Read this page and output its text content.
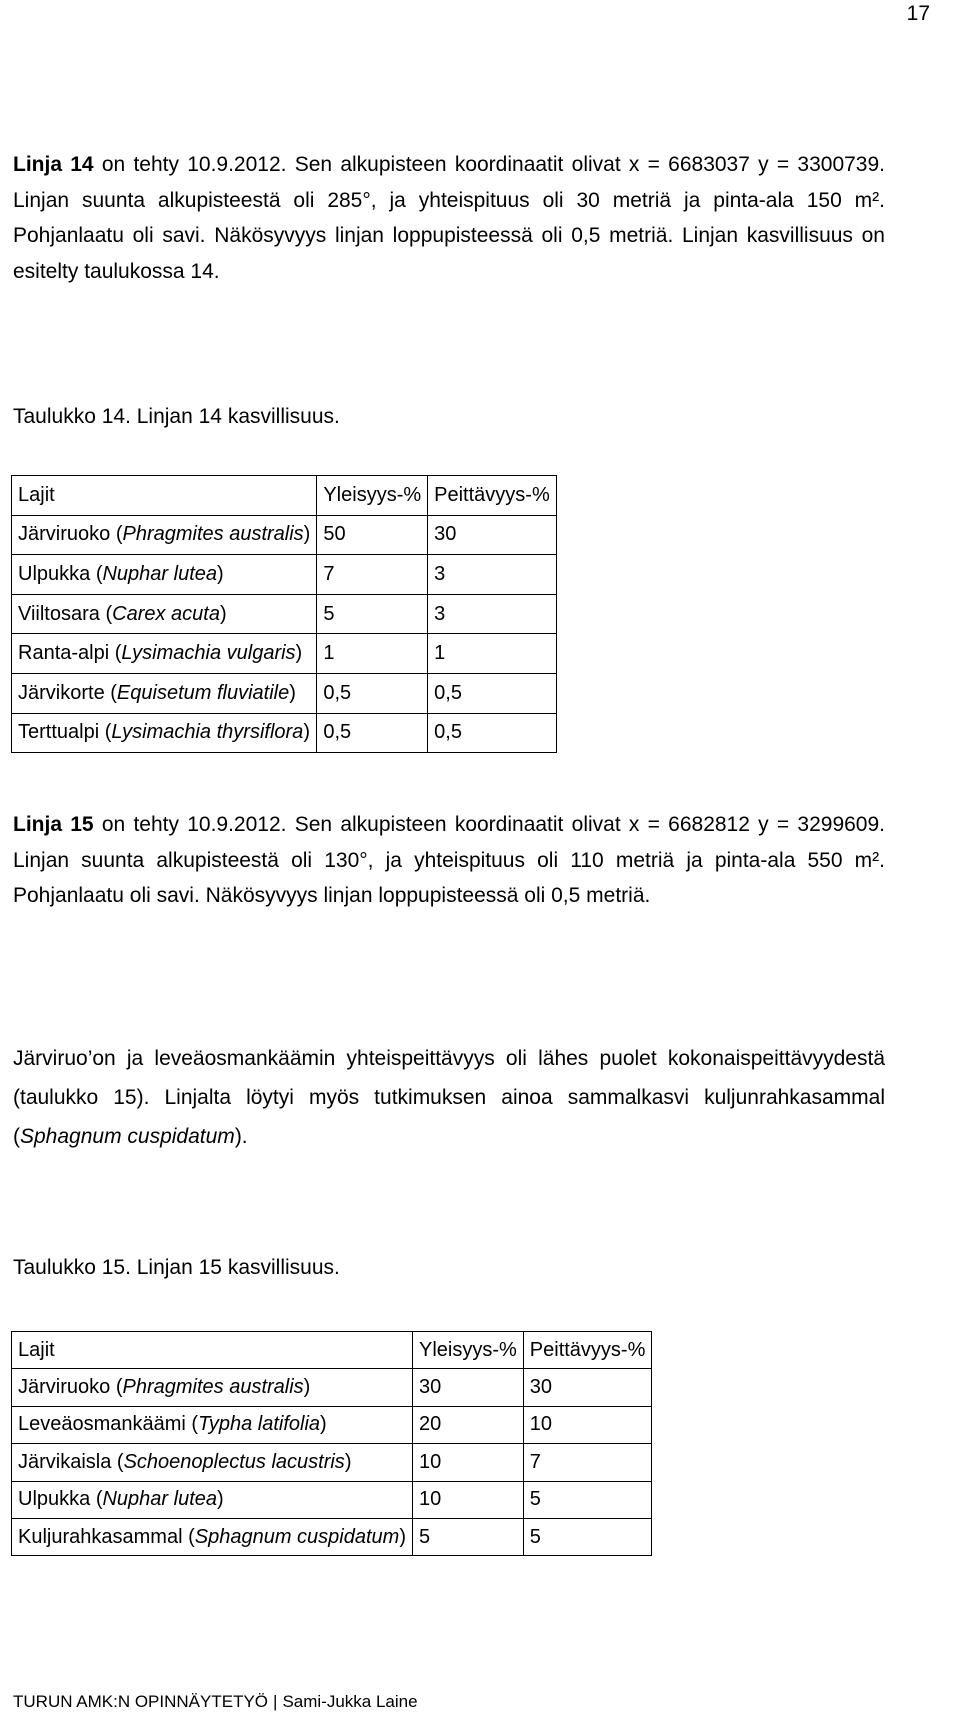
17

Linja 14 on tehty 10.9.2012. Sen alkupisteen koordinaatit olivat x = 6683037 y = 3300739. Linjan suunta alkupisteestä oli 285°, ja yhteispituus oli 30 metriä ja pinta-ala 150 m². Pohjanlaatu oli savi. Näkösyvyys linjan loppupisteessä oli 0,5 metriä. Linjan kasvillisuus on esitelty taulukossa 14.

Taulukko 14. Linjan 14 kasvillisuus.

Lajit	Yleisyys-%	Peittävyys-%
Järviruoko (Phragmites australis)	50	30
Ulpukka (Nuphar lutea)	7	3
Viiltosara (Carex acuta)	5	3
Ranta-alpi (Lysimachia vulgaris)	1	1
Järvikorte (Equisetum fluviatile)	0,5	0,5
Terttualpi (Lysimachia thyrsiflora)	0,5	0,5

Linja 15 on tehty 10.9.2012. Sen alkupisteen koordinaatit olivat x = 6682812 y = 3299609. Linjan suunta alkupisteestä oli 130°, ja yhteispituus oli 110 metriä ja pinta-ala 550 m². Pohjanlaatu oli savi. Näkösyvyys linjan loppupisteessä oli 0,5 metriä.

Järviruo’on ja leveäosmankäämin yhteispeittävyys oli lähes puolet kokonaispeittävyydestä (taulukko 15). Linjalta löytyi myös tutkimuksen ainoa sammalkasvi kuljunrahkasammal (Sphagnum cuspidatum).

Taulukko 15. Linjan 15 kasvillisuus.

Lajit	Yleisyys-%	Peittävyys-%
Järviruoko (Phragmites australis)	30	30
Leveäosmankäämi (Typha latifolia)	20	10
Järvikaisla (Schoenoplectus lacustris)	10	7
Ulpukka (Nuphar lutea)	10	5
Kuljurahkasammal (Sphagnum cuspidatum)	5	5
TURUN AMK:N OPINNÄYTETYÖ | Sami-Jukka Laine
